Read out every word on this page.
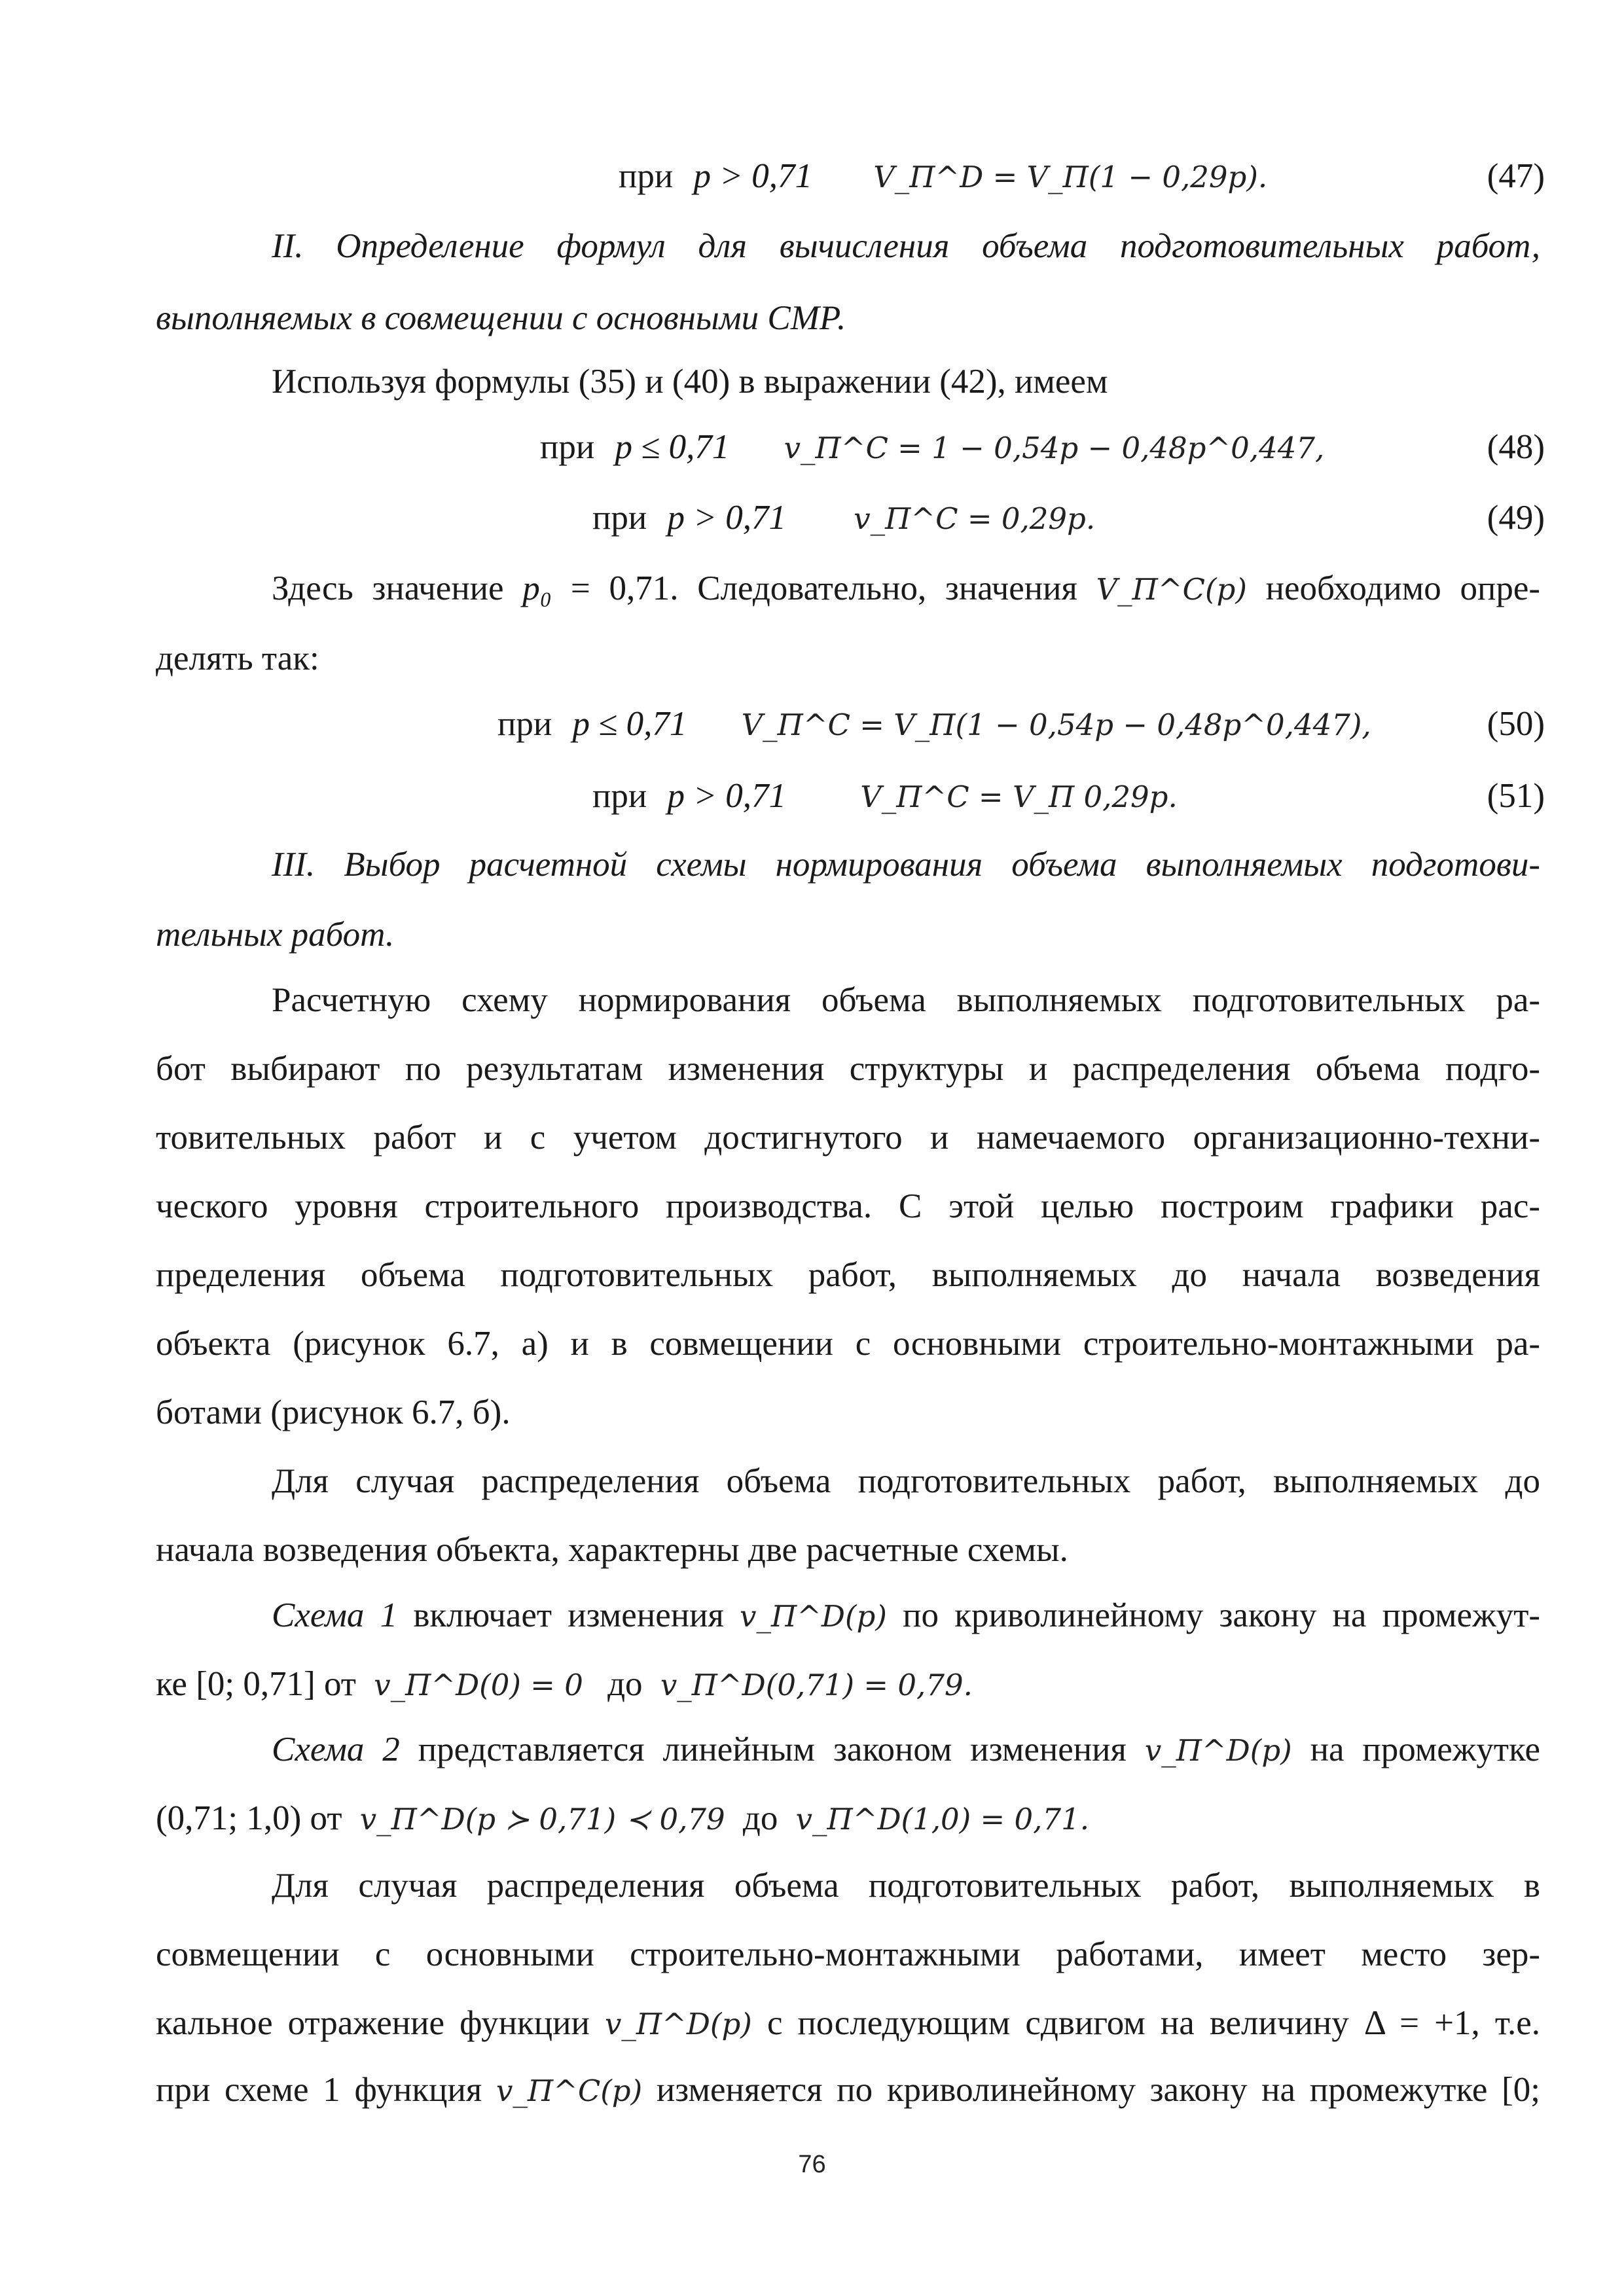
при p > 0,71 V_П^D = V_П(1 − 0,29p).	(47)
II. Определение формул для вычисления объема подготовительных работ,
выполняемых в совмещении с основными СМР.
Используя формулы (35) и (40) в выражении (42), имеем
при p ≤ 0,71 v_П^C = 1 − 0,54p − 0,48p^0,447,	(48)
при p > 0,71 v_П^C = 0,29p.	(49)
Здесь значение p₀ = 0,71. Следовательно, значения V_П^C(p) необходимо опре-
делять так:
при p ≤ 0,71 V_П^C = V_П(1 − 0,54p − 0,48p^0,447),	(50)
при p > 0,71	V_П^C = V_П 0,29p.	(51)
III. Выбор расчетной схемы нормирования объема выполняемых подготови-
тельных работ.
Расчетную схему нормирования объема выполняемых подготовительных ра-
бот выбирают по результатам изменения структуры и распределения объема подго-
товительных работ и с учетом достигнутого и намечаемого организационно-техни-
ческого уровня строительного производства. С этой целью построим графики рас-
пределения объема подготовительных работ, выполняемых до начала возведения
объекта (рисунок 6.7, а) и в совмещении с основными строительно-монтажными ра-
ботами (рисунок 6.7, б).
Для случая распределения объема подготовительных работ, выполняемых до
начала возведения объекта, характерны две расчетные схемы.
Схема 1 включает изменения v_П^D(p) по криволинейному закону на промежут-
ке [0; 0,71] от v_П^D(0) = 0 до v_П^D(0,71) = 0,79.
Схема 2 представляется линейным законом изменения v_П^D(p) на промежутке
(0,71; 1,0) от v_П^D(p ≻ 0,71) ≺ 0,79 до v_П^D(1,0) = 0,71.
Для случая распределения объема подготовительных работ, выполняемых в
совмещении с основными строительно-монтажными работами, имеет место зер-
кальное отражение функции v_П^D(p) с последующим сдвигом на величину Δ = +1, т.е.
при схеме 1 функция v_П^C(p) изменяется по криволинейному закону на промежутке [0;
76
